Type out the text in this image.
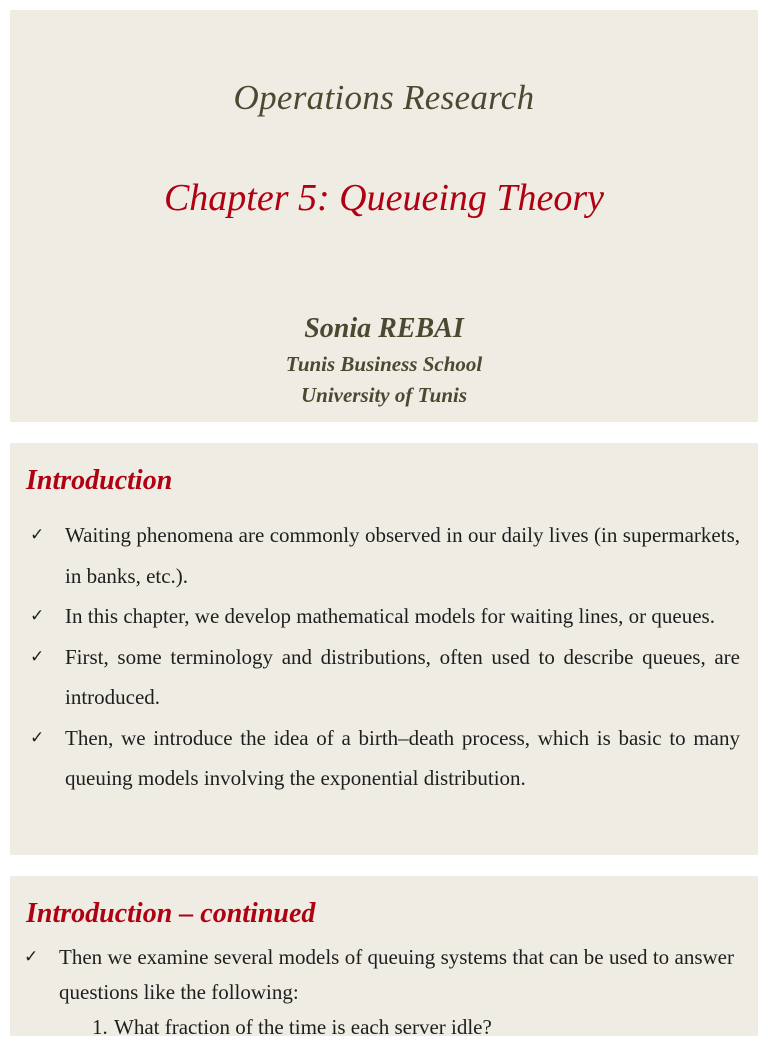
Operations Research
Chapter 5: Queueing Theory
Sonia REBAI
Tunis Business School
University of Tunis
Introduction
✓ Waiting phenomena are commonly observed in our daily lives (in supermarkets, in banks, etc.).
✓ In this chapter, we develop mathematical models for waiting lines, or queues.
✓ First, some terminology and distributions, often used to describe queues, are introduced.
✓ Then, we introduce the idea of a birth–death process, which is basic to many queuing models involving the exponential distribution.
Introduction – continued
✓ Then we examine several models of queuing systems that can be used to answer questions like the following:
1. What fraction of the time is each server idle?
